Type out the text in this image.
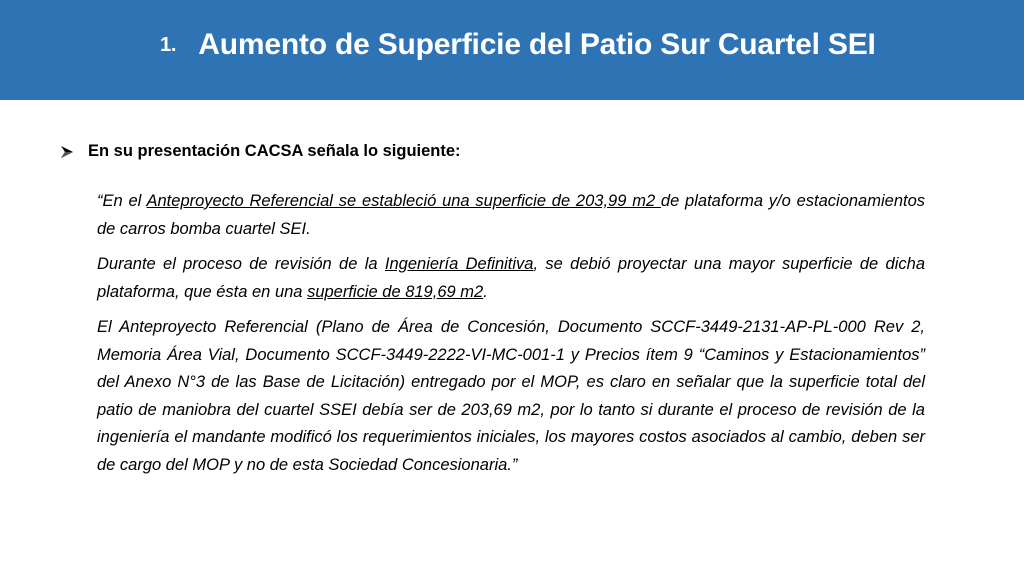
1. Aumento de Superficie del Patio Sur Cuartel SEI
En su presentación CACSA señala lo siguiente:

“En el Anteproyecto Referencial se estableció una superficie de 203,99 m2 de plataforma y/o estacionamientos de carros bomba cuartel SEI.

Durante el proceso de revisión de la Ingeniería Definitiva, se debió proyectar una mayor superficie de dicha plataforma, que ésta en una superficie de 819,69 m2.

El Anteproyecto Referencial (Plano de Área de Concesión, Documento SCCF-3449-2131-AP-PL-000 Rev 2, Memoria Área Vial, Documento SCCF-3449-2222-VI-MC-001-1 y Precios ítem 9 “Caminos y Estacionamientos” del Anexo N°3 de las Base de Licitación) entregado por el MOP, es claro en señalar que la superficie total del patio de maniobra del cuartel SSEI debía ser de 203,69 m2, por lo tanto si durante el proceso de revisión de la ingeniería el mandante modificó los requerimientos iniciales, los mayores costos asociados al cambio, deben ser de cargo del MOP y no de esta Sociedad Concesionaria.”
